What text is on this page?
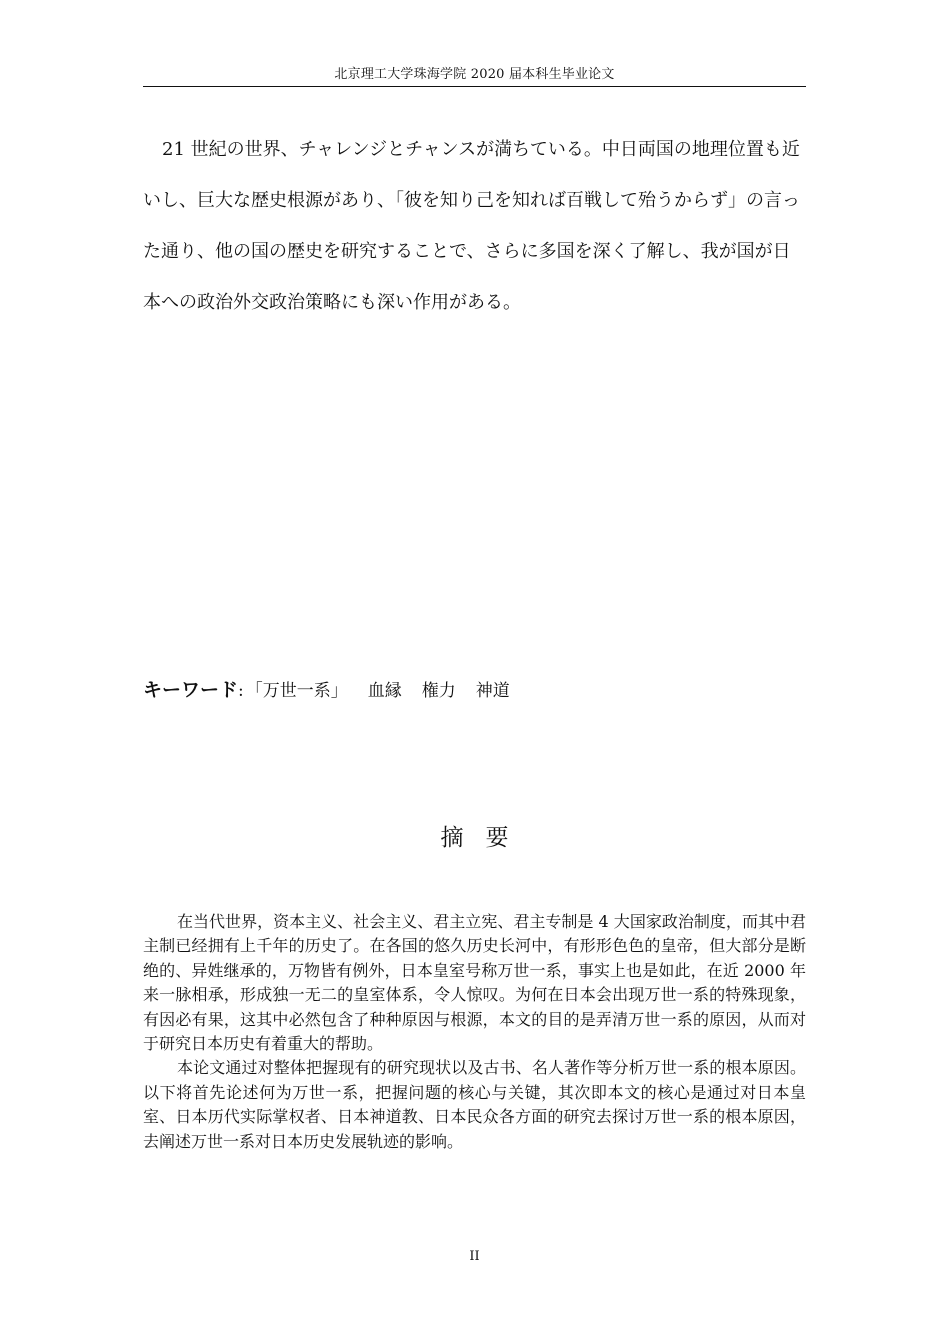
北京理工大学珠海学院 2020 届本科生毕业论文

21 世紀の世界、チャレンジとチャンスが満ちている。中日両国の地理位置も近いし、巨大な歴史根源があり、「彼を知り己を知れば百戦して殆うからず」の言った通り、他の国の歴史を研究することで、さらに多国を深く了解し、我が国が日本への政治外交政治策略にも深い作用がある。

キーワード: 「万世一系」 血縁 権力 神道
摘 要

在当代世界，资本主义、社会主义、君主立宪、君主专制是 4 大国家政治制度，而其中君主制已经拥有上千年的历史了。在各国的悠久历史长河中，有形形色色的皇帝，但大部分是断绝的、异姓继承的，万物皆有例外，日本皇室号称万世一系，事实上也是如此，在近 2000 年来一脉相承，形成独一无二的皇室体系，令人惊叹。为何在日本会出现万世一系的特殊现象，有因必有果，这其中必然包含了种种原因与根源，本文的目的是弄清万世一系的原因，从而对于研究日本历史有着重大的帮助。

本论文通过对整体把握现有的研究现状以及古书、名人著作等分析万世一系的根本原因。以下将首先论述何为万世一系，把握问题的核心与关键，其次即本文的核心是通过对日本皇室、日本历代实际掌权者、日本神道教、日本民众各方面的研究去探讨万世一系的根本原因，去阐述万世一系对日本历史发展轨迹的影响。

II
